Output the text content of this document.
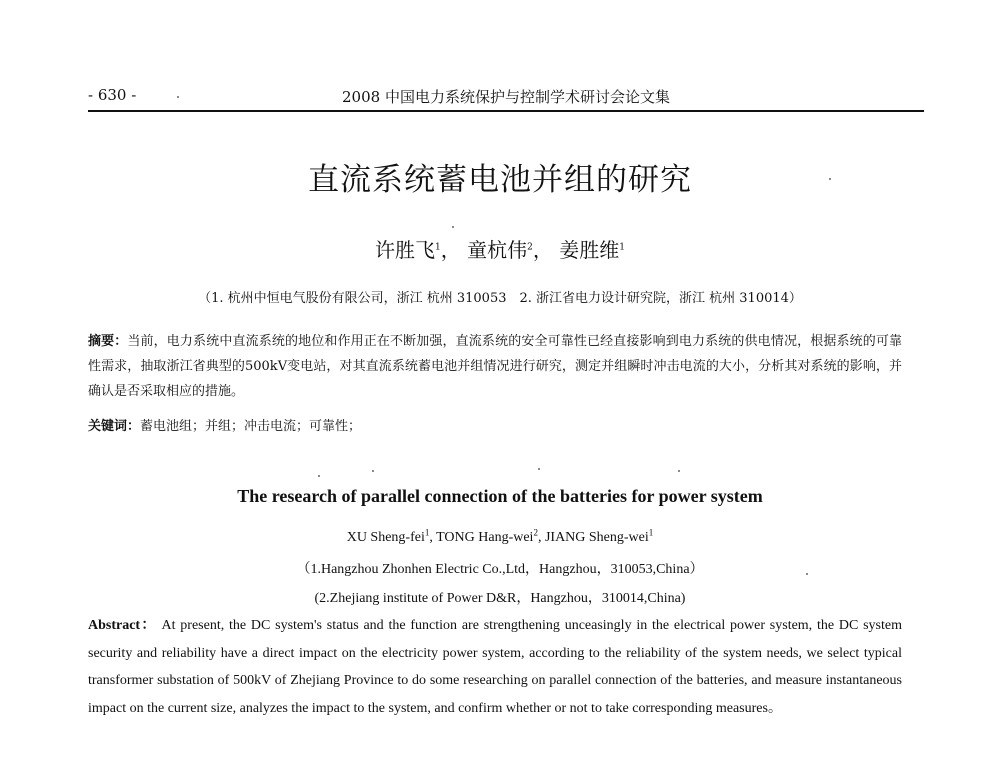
- 630 -	2008 中国电力系统保护与控制学术研讨会论文集
直流系统蓄电池并组的研究
许胜飞$^1$， 童杭伟$^2$， 姜胜维$^1$
（1. 杭州中恒电气股份有限公司，浙江 杭州 310053　2. 浙江省电力设计研究院，浙江 杭州 310014）
摘要：当前，电力系统中直流系统的地位和作用正在不断加强，直流系统的安全可靠性已经直接影响到电力系统的供电情况，根据系统的可靠性需求，抽取浙江省典型的500kV变电站，对其直流系统蓄电池并组情况进行研究，测定并组瞬时冲击电流的大小，分析其对系统的影响，并确认是否采取相应的措施。
关键词：蓄电池组；并组；冲击电流；可靠性；
The research of parallel connection of the batteries for power system
XU Sheng-fei$^1$, TONG Hang-wei$^2$, JIANG Sheng-wei$^1$
（1.Hangzhou Zhonhen Electric Co.,Ltd，Hangzhou，310053,China）
(2.Zhejiang institute of Power D&R，Hangzhou，310014,China)
Abstract： At present, the DC system's status and the function are strengthening unceasingly in the electrical power system, the DC system security and reliability have a direct impact on the electricity power system, according to the reliability of the system needs, we select typical transformer substation of 500kV of Zhejiang Province to do some researching on parallel connection of the batteries, and measure instantaneous impact on the current size, analyzes the impact to the system, and confirm whether or not to take corresponding measures。
